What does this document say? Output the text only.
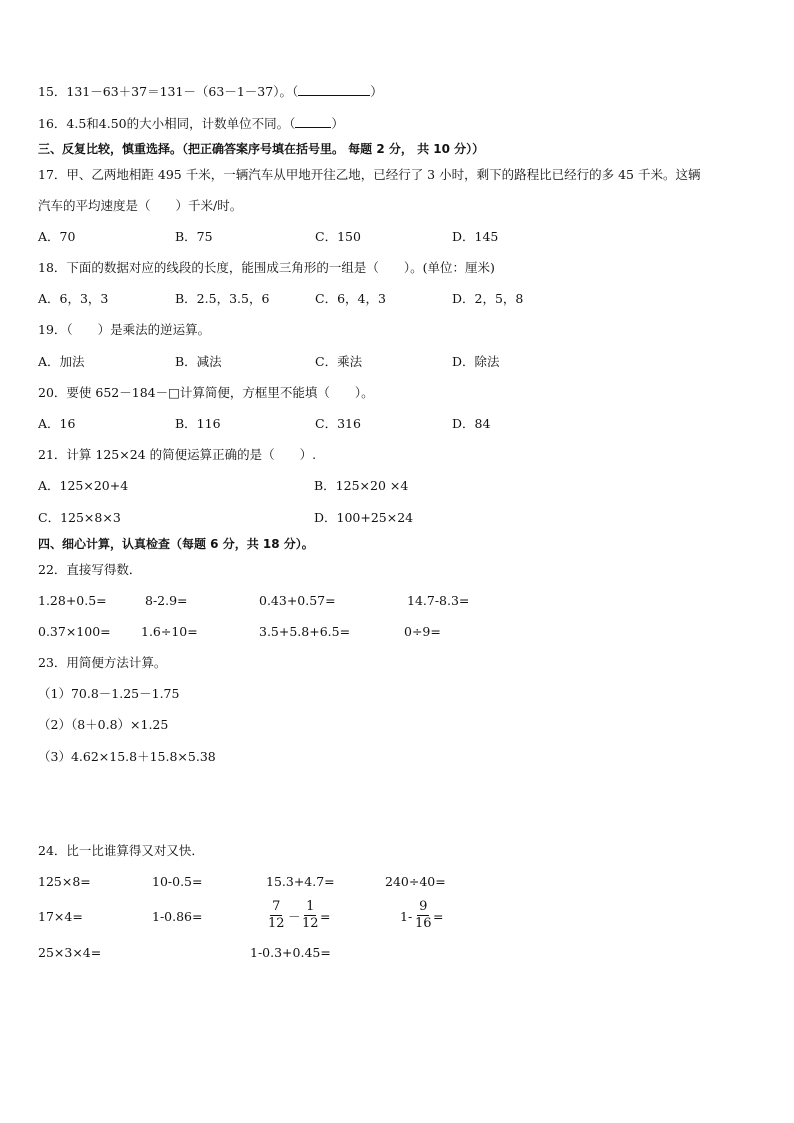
15．131－63＋37＝131－（63－1－37）。（	）
16．4.5和4.50的大小相同，计数单位不同。（	）
三、反复比较，慎重选择。（把正确答案序号填在括号里。 每题 2 分， 共 10 分））
17．甲、乙两地相距 495 千米，一辆汽车从甲地开往乙地，已经行了 3 小时，剩下的路程比已经行的多 45 千米。这辆
汽车的平均速度是（　　）千米/时。
A．70	B．75	C．150	D．145
18．下面的数据对应的线段的长度，能围成三角形的一组是（　　）。(单位：厘米)
A．6，3，3	B．2.5，3.5，6	C．6，4，3	D．2，5，8
19．（　　）是乘法的逆运算。
A．加法	B．减法	C．乘法	D．除法
20．要使 652－184－□计算简便，方框里不能填（　　）。
A．16	B．116	C．316	D．84
21．计算 125×24 的简便运算正确的是（　　）.
A．125×20+4	B．125×20 ×4
C．125×8×3	D．100+25×24
四、细心计算，认真检查（每题 6 分，共 18 分）。
22．直接写得数．
1.28+0.5=	8-2.9=	0.43+0.57=	14.7-8.3=
0.37×100= 1.6÷10=	3.5+5.8+6.5=	0÷9=
23．用简便方法计算。
（1）70.8－1.25－1.75
（2）（8＋0.8）×1.25
（3）4.62×15.8＋15.8×5.38
24．比一比谁算得又对又快．
125×8=	10-0.5=	15.3+4.7=	240÷40=
17×4=	1-0.86=	$\frac{7}{12} - \frac{1}{12}$ =	$1- \frac{9}{16}$ =
25×3×4=	1-0.3+0.45=
